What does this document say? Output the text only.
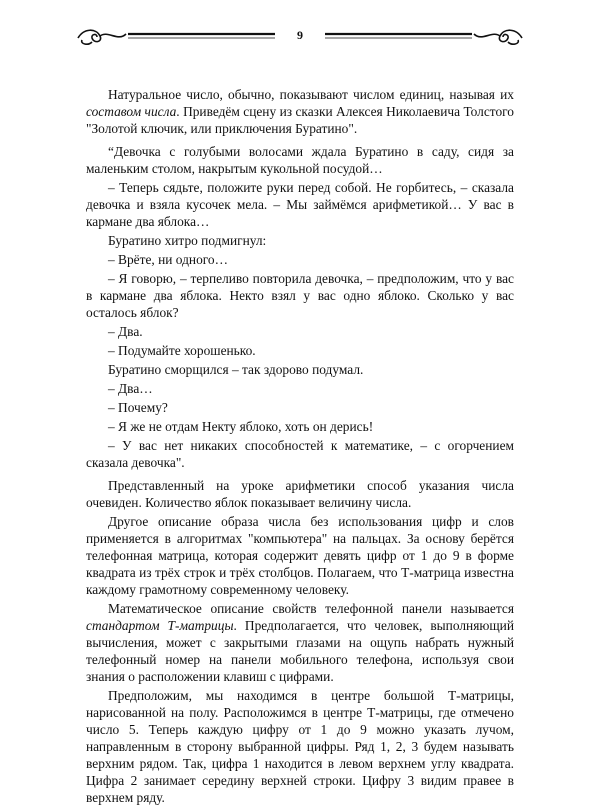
9

Натуральное число, обычно, показывают числом единиц, называя их составом числа. Приведём сцену из сказки Алексея Николаевича Толстого "Золотой ключик, или приключения Буратино".

“Девочка с голубыми волосами ждала Буратино в саду, сидя за маленьким столом, накрытым кукольной посудой…

– Теперь сядьте, положите руки перед собой. Не горбитесь, – сказала девочка и взяла кусочек мела. – Мы займёмся арифметикой… У вас в кармане два яблока…

Буратино хитро подмигнул:

– Врёте, ни одного…

– Я говорю, – терпеливо повторила девочка, – предположим, что у вас в кармане два яблока. Некто взял у вас одно яблоко. Сколько у вас осталось яблок?

– Два.

– Подумайте хорошенько.

Буратино сморщился – так здорово подумал.

– Два…

– Почему?

– Я же не отдам Некту яблоко, хоть он дерись!

– У вас нет никаких способностей к математике, – с огорчением сказала девочка".

Представленный на уроке арифметики способ указания числа очевиден. Количество яблок показывает величину числа.

Другое описание образа числа без использования цифр и слов применяется в алгоритмах "компьютера" на пальцах. За основу берётся телефонная матрица, которая содержит девять цифр от 1 до 9 в форме квадрата из трёх строк и трёх столбцов. Полагаем, что Т-матрица известна каждому грамотному современному человеку.

Математическое описание свойств телефонной панели называется стандартом Т-матрицы. Предполагается, что человек, выполняющий вычисления, может с закрытыми глазами на ощупь набрать нужный телефонный номер на панели мобильного телефона, используя свои знания о расположении клавиш с цифрами.

Предположим, мы находимся в центре большой Т-матрицы, нарисованной на полу. Расположимся в центре Т-матрицы, где отмечено число 5. Теперь каждую цифру от 1 до 9 можно указать лучом, направленным в сторону выбранной цифры. Ряд 1, 2, 3 будем называть верхним рядом. Так, цифра 1 находится в левом верхнем углу квадрата. Цифра 2 занимает середину верхней строки. Цифру 3 видим правее в верхнем ряду.
